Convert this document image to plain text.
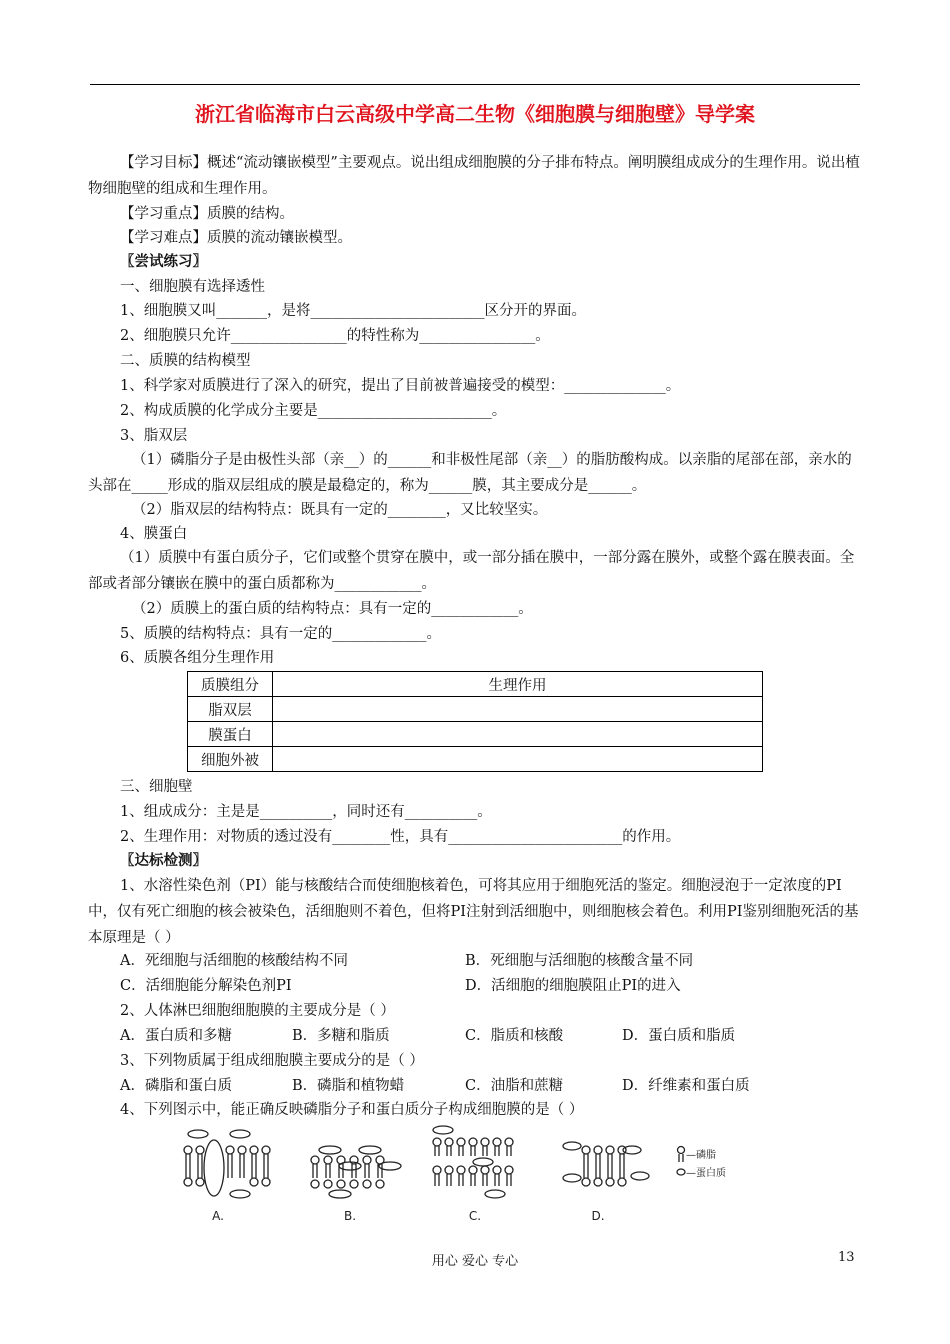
浙江省临海市白云高级中学高二生物《细胞膜与细胞壁》导学案
【学习目标】概述“流动镶嵌模型”主要观点。说出组成细胞膜的分子排布特点。阐明膜组成成分的生理作用。说出植物细胞壁的组成和生理作用。
【学习重点】质膜的结构。
【学习难点】质膜的流动镶嵌模型。
〖尝试练习〗
一、细胞膜有选择透性
1、细胞膜又叫_______，是将________________________区分开的界面。
2、细胞膜只允许________________的特性称为________________。
二、质膜的结构模型
1、科学家对质膜进行了深入的研究，提出了目前被普遍接受的模型：______________。
2、构成质膜的化学成分主要是________________________。
3、脂双层
（1）磷脂分子是由极性头部（亲__）的______和非极性尾部（亲__）的脂肪酸构成。以亲脂的尾部在部，亲水的头部在_____形成的脂双层组成的膜是最稳定的，称为______膜，其主要成分是______。
（2）脂双层的结构特点：既具有一定的________，又比较坚实。
4、膜蛋白
（1）质膜中有蛋白质分子，它们或整个贯穿在膜中，或一部分插在膜中，一部分露在膜外，或整个露在膜表面。全部或者部分镶嵌在膜中的蛋白质都称为____________。
（2）质膜上的蛋白质的结构特点：具有一定的____________。
5、质膜的结构特点：具有一定的_____________。
6、质膜各组分生理作用
质膜组分	生理作用
脂双层	
膜蛋白	
细胞外被	
三、细胞壁
1、组成成分：主是是__________，同时还有__________。
2、生理作用：对物质的透过没有________性，具有________________________的作用。
〖达标检测〗
1、水溶性染色剂（PI）能与核酸结合而使细胞核着色，可将其应用于细胞死活的鉴定。细胞浸泡于一定浓度的PI中，仅有死亡细胞的核会被染色，活细胞则不着色，但将PI注射到活细胞中，则细胞核会着色。利用PI鉴别细胞死活的基本原理是（ ）
A．死细胞与活细胞的核酸结构不同	B．死细胞与活细胞的核酸含量不同
C．活细胞能分解染色剂PI	D．活细胞的细胞膜阻止PI的进入
2、人体淋巴细胞细胞膜的主要成分是（ ）
A．蛋白质和多糖	B．多糖和脂质	C．脂质和核酸	D．蛋白质和脂质
3、下列物质属于组成细胞膜主要成分的是（ ）
A．磷脂和蛋白质	B．磷脂和植物蜡	C．油脂和蔗糖	D．纤维素和蛋白质
4、下列图示中，能正确反映磷脂分子和蛋白质分子构成细胞膜的是（ ）
A.	B.	C.	D.
—磷脂
—蛋白质
用心 爱心 专心	13
